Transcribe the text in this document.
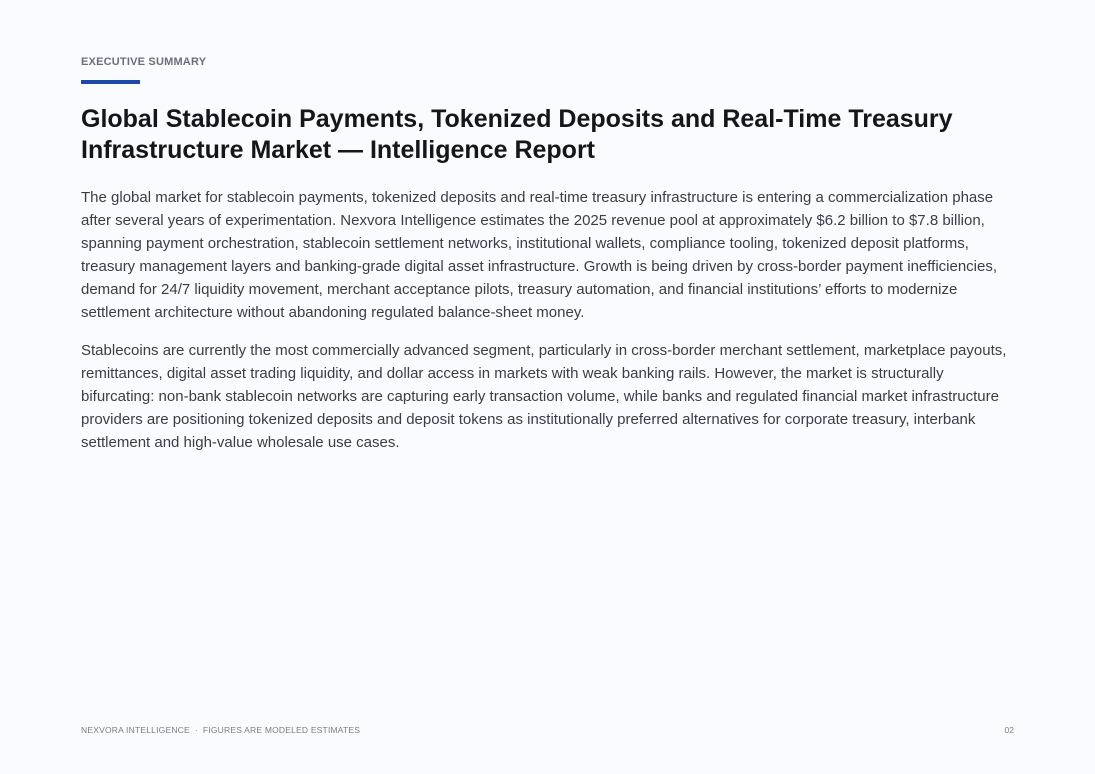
EXECUTIVE SUMMARY
Global Stablecoin Payments, Tokenized Deposits and Real-Time Treasury Infrastructure Market — Intelligence Report

The global market for stablecoin payments, tokenized deposits and real-time treasury infrastructure is entering a commercialization phase after several years of experimentation. Nexvora Intelligence estimates the 2025 revenue pool at approximately $6.2 billion to $7.8 billion, spanning payment orchestration, stablecoin settlement networks, institutional wallets, compliance tooling, tokenized deposit platforms, treasury management layers and banking-grade digital asset infrastructure. Growth is being driven by cross-border payment inefficiencies, demand for 24/7 liquidity movement, merchant acceptance pilots, treasury automation, and financial institutions’ efforts to modernize settlement architecture without abandoning regulated balance-sheet money.

Stablecoins are currently the most commercially advanced segment, particularly in cross-border merchant settlement, marketplace payouts, remittances, digital asset trading liquidity, and dollar access in markets with weak banking rails. However, the market is structurally bifurcating: non-bank stablecoin networks are capturing early transaction volume, while banks and regulated financial market infrastructure providers are positioning tokenized deposits and deposit tokens as institutionally preferred alternatives for corporate treasury, interbank settlement and high-value wholesale use cases.

NEXVORA INTELLIGENCE · FIGURES ARE MODELED ESTIMATES	02
